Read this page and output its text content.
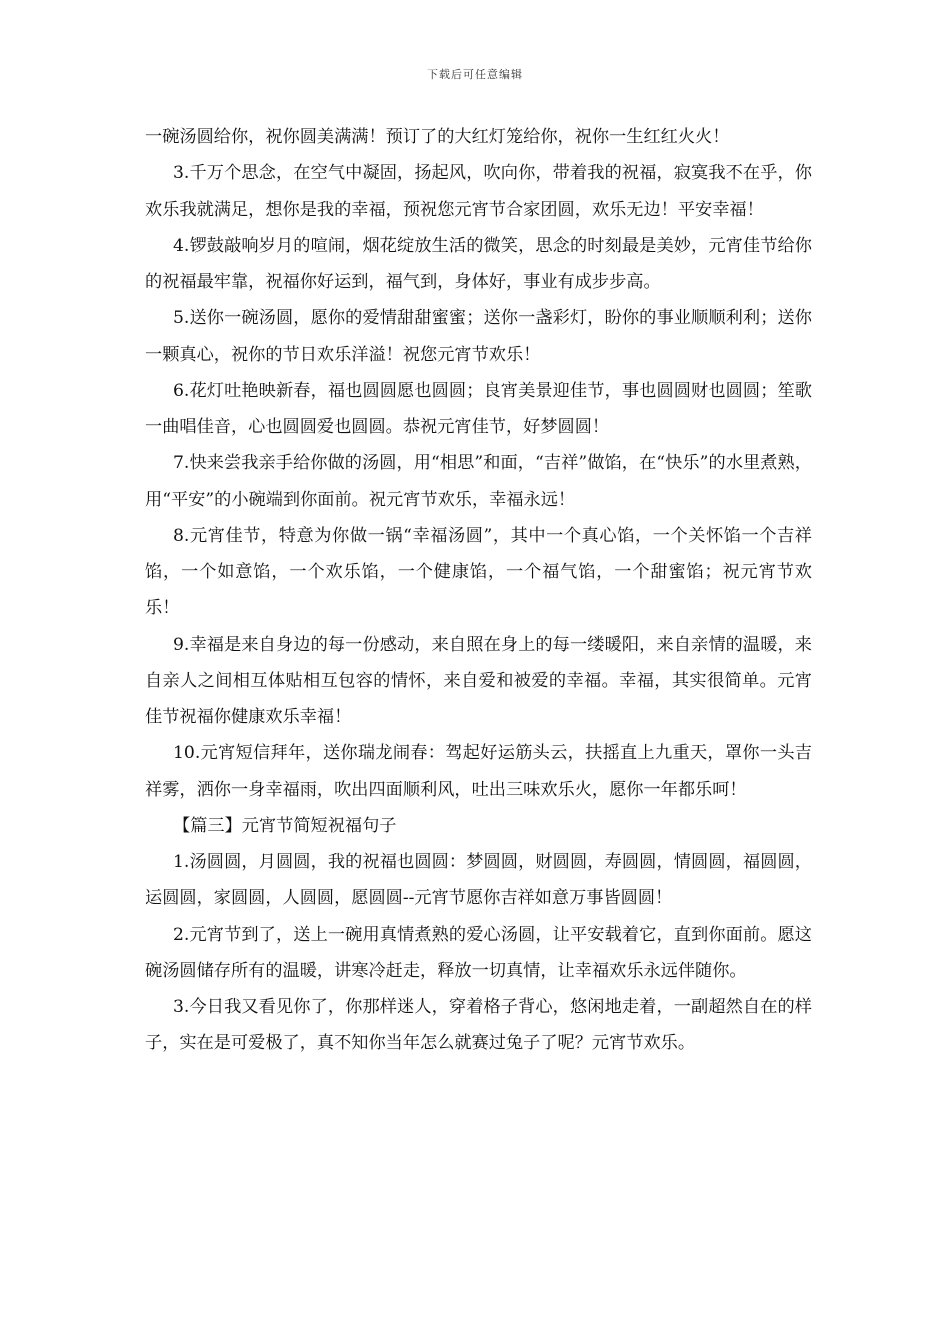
下载后可任意编辑

一碗汤圆给你，祝你圆美满满！预订了的大红灯笼给你，祝你一生红红火火！

3.千万个思念，在空气中凝固，扬起风，吹向你，带着我的祝福，寂寞我不在乎，你欢乐我就满足，想你是我的幸福，预祝您元宵节合家团圆，欢乐无边！平安幸福！

4.锣鼓敲响岁月的喧闹，烟花绽放生活的微笑，思念的时刻最是美妙，元宵佳节给你的祝福最牢靠，祝福你好运到，福气到，身体好，事业有成步步高。

5.送你一碗汤圆，愿你的爱情甜甜蜜蜜；送你一盏彩灯，盼你的事业顺顺利利；送你一颗真心，祝你的节日欢乐洋溢！祝您元宵节欢乐！

6.花灯吐艳映新春，福也圆圆愿也圆圆；良宵美景迎佳节，事也圆圆财也圆圆；笙歌一曲唱佳音，心也圆圆爱也圆圆。恭祝元宵佳节，好梦圆圆！

7.快来尝我亲手给你做的汤圆，用“相思”和面，“吉祥”做馅，在“快乐”的水里煮熟，用“平安”的小碗端到你面前。祝元宵节欢乐，幸福永远！

8.元宵佳节，特意为你做一锅“幸福汤圆”，其中一个真心馅，一个关怀馅一个吉祥馅，一个如意馅，一个欢乐馅，一个健康馅，一个福气馅，一个甜蜜馅；祝元宵节欢乐！

9.幸福是来自身边的每一份感动，来自照在身上的每一缕暖阳，来自亲情的温暖，来自亲人之间相互体贴相互包容的情怀，来自爱和被爱的幸福。幸福，其实很简单。元宵佳节祝福你健康欢乐幸福！

10.元宵短信拜年，送你瑞龙闹春：驾起好运筋头云，扶摇直上九重天，罩你一头吉祥雾，洒你一身幸福雨，吹出四面顺利风，吐出三味欢乐火，愿你一年都乐呵！

【篇三】元宵节简短祝福句子

1.汤圆圆，月圆圆，我的祝福也圆圆：梦圆圆，财圆圆，寿圆圆，情圆圆，福圆圆，运圆圆，家圆圆，人圆圆，愿圆圆--元宵节愿你吉祥如意万事皆圆圆！

2.元宵节到了，送上一碗用真情煮熟的爱心汤圆，让平安载着它，直到你面前。愿这碗汤圆储存所有的温暖，讲寒冷赶走，释放一切真情，让幸福欢乐永远伴随你。

3.今日我又看见你了，你那样迷人，穿着格子背心，悠闲地走着，一副超然自在的样子，实在是可爱极了，真不知你当年怎么就赛过兔子了呢？元宵节欢乐。
